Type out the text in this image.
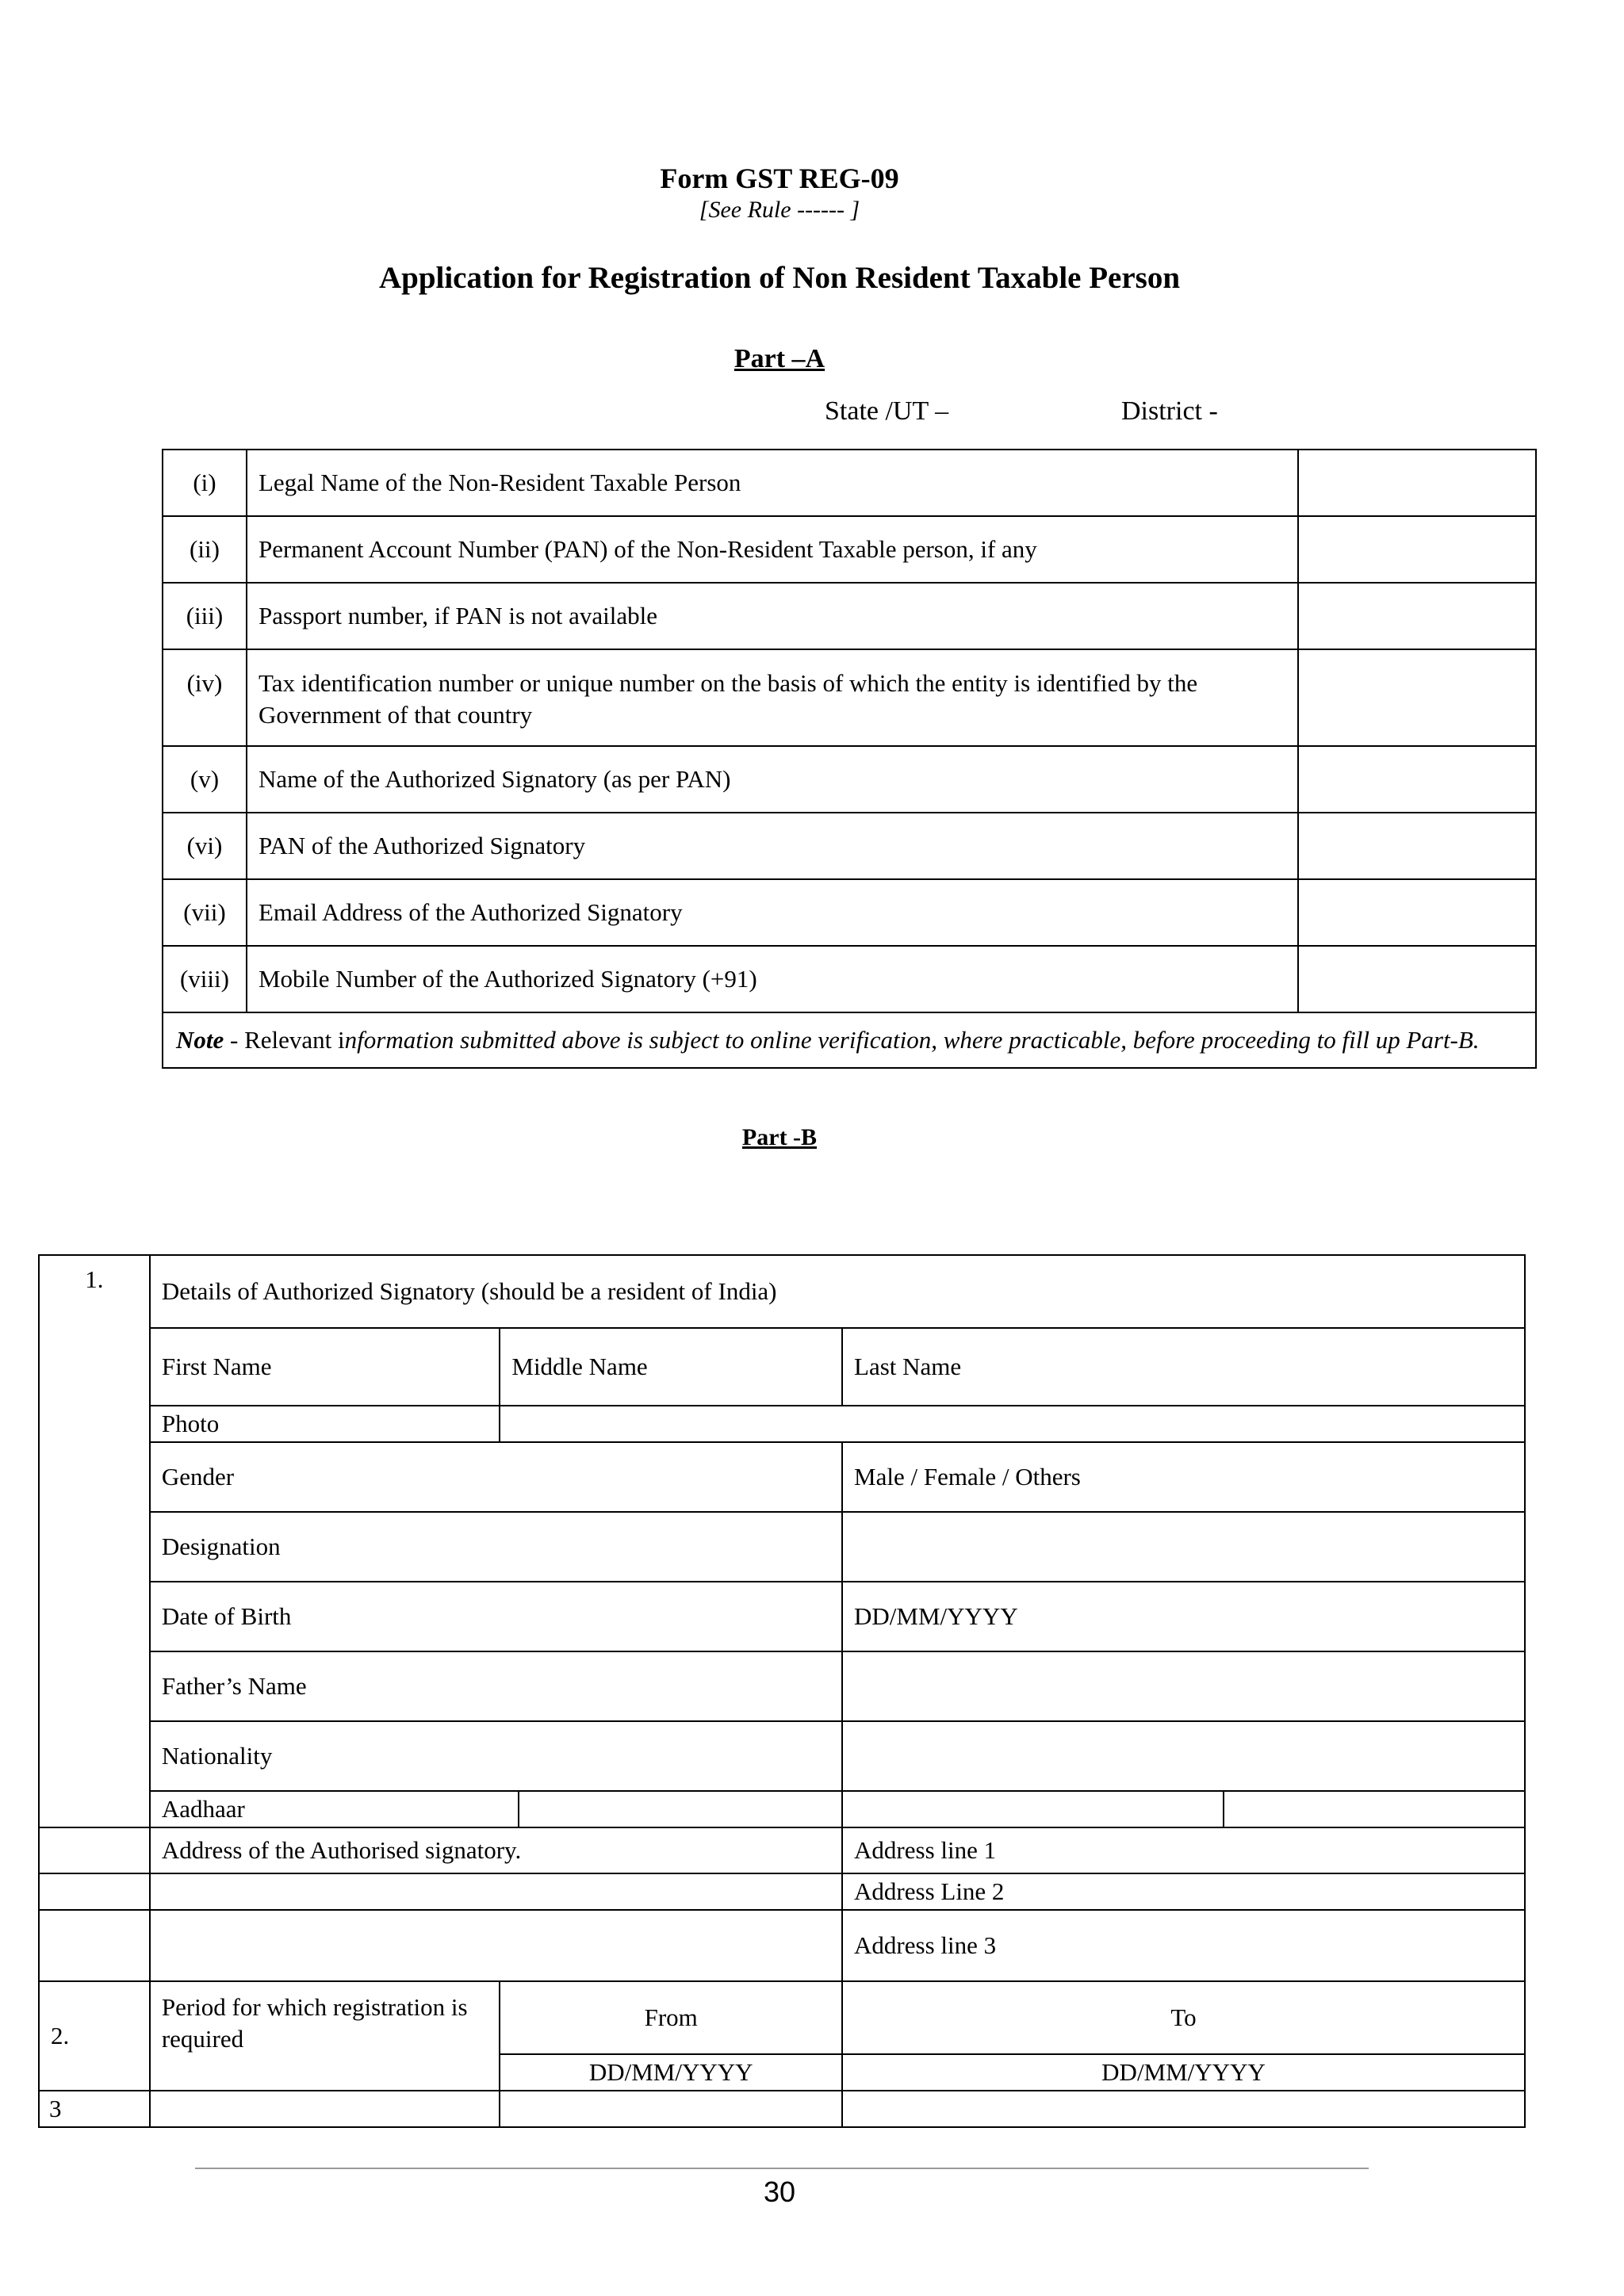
Form GST REG-09
[See Rule ------ ]
Application for Registration of Non Resident Taxable Person
Part –A
State /UT –	District -
(i)	Legal Name of the Non-Resident Taxable Person	
(ii)	Permanent Account Number (PAN) of the Non-Resident Taxable person, if any	
(iii)	Passport number, if PAN is not available	
(iv)	Tax identification number or unique number on the basis of which the entity is identified by the Government of that country	
(v)	Name of the Authorized Signatory (as per PAN)	
(vi)	PAN of the Authorized Signatory	
(vii)	Email Address of the Authorized Signatory	
(viii)	Mobile Number of the Authorized Signatory (+91)	
Note - Relevant information submitted above is subject to online verification, where practicable, before proceeding to fill up Part-B.		
Part -B
1.	Details of Authorized Signatory (should be a resident of India)				
	First Name	Middle Name		Last Name	
	Photo				
	Gender			Male / Female / Others	
	Designation				
	Date of Birth			DD/MM/YYYY	
	Father’s Name				
	Nationality				
	Aadhaar				
	Address of the Authorised signatory.			Address line 1	
				Address Line 2	
				Address line 3	
2.	Period for which registration is required	From		To	
		DD/MM/YYYY		DD/MM/YYYY	
3					
30
